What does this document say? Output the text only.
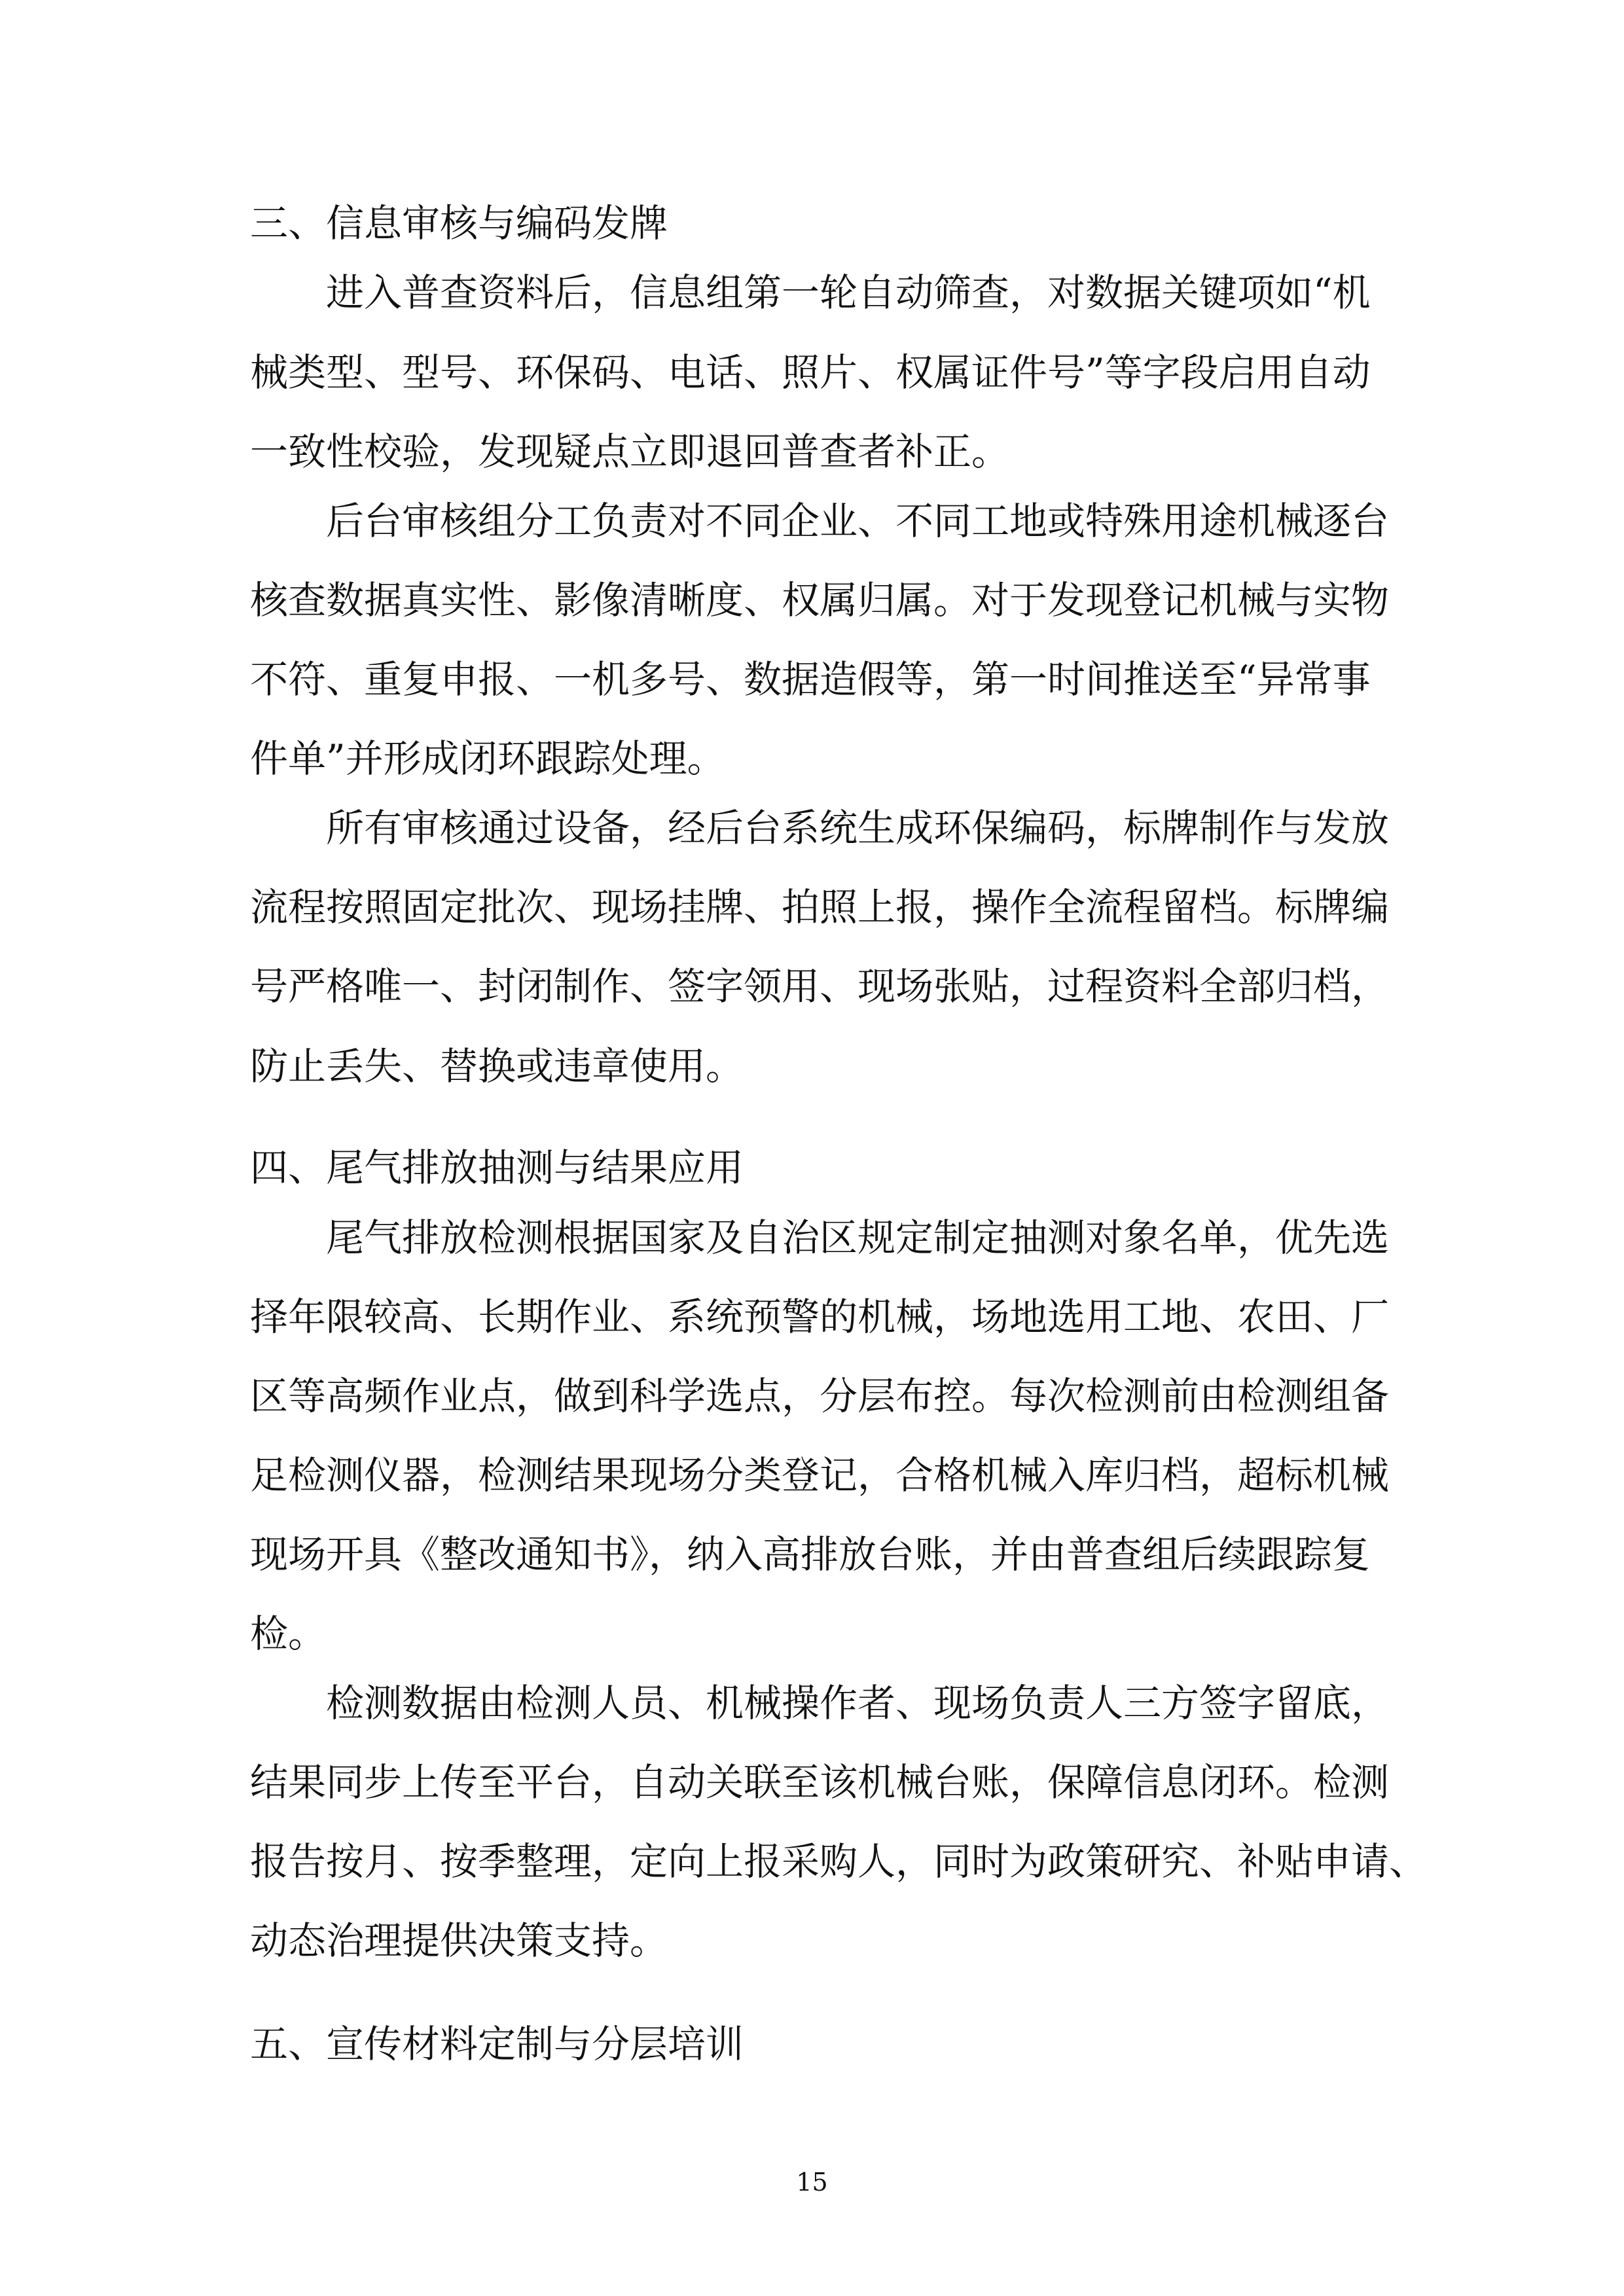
三、信息审核与编码发牌
进入普查资料后，信息组第一轮自动筛查，对数据关键项如“机
械类型、型号、环保码、电话、照片、权属证件号”等字段启用自动
一致性校验，发现疑点立即退回普查者补正。
后台审核组分工负责对不同企业、不同工地或特殊用途机械逐台
核查数据真实性、影像清晰度、权属归属。对于发现登记机械与实物
不符、重复申报、一机多号、数据造假等，第一时间推送至“异常事
件单”并形成闭环跟踪处理。
所有审核通过设备，经后台系统生成环保编码，标牌制作与发放
流程按照固定批次、现场挂牌、拍照上报，操作全流程留档。标牌编
号严格唯一、封闭制作、签字领用、现场张贴，过程资料全部归档，
防止丢失、替换或违章使用。
四、尾气排放抽测与结果应用
尾气排放检测根据国家及自治区规定制定抽测对象名单，优先选
择年限较高、长期作业、系统预警的机械，场地选用工地、农田、厂
区等高频作业点，做到科学选点，分层布控。每次检测前由检测组备
足检测仪器，检测结果现场分类登记，合格机械入库归档，超标机械
现场开具《整改通知书》，纳入高排放台账，并由普查组后续跟踪复
检。
检测数据由检测人员、机械操作者、现场负责人三方签字留底，
结果同步上传至平台，自动关联至该机械台账，保障信息闭环。检测
报告按月、按季整理，定向上报采购人，同时为政策研究、补贴申请、
动态治理提供决策支持。
五、宣传材料定制与分层培训
15
